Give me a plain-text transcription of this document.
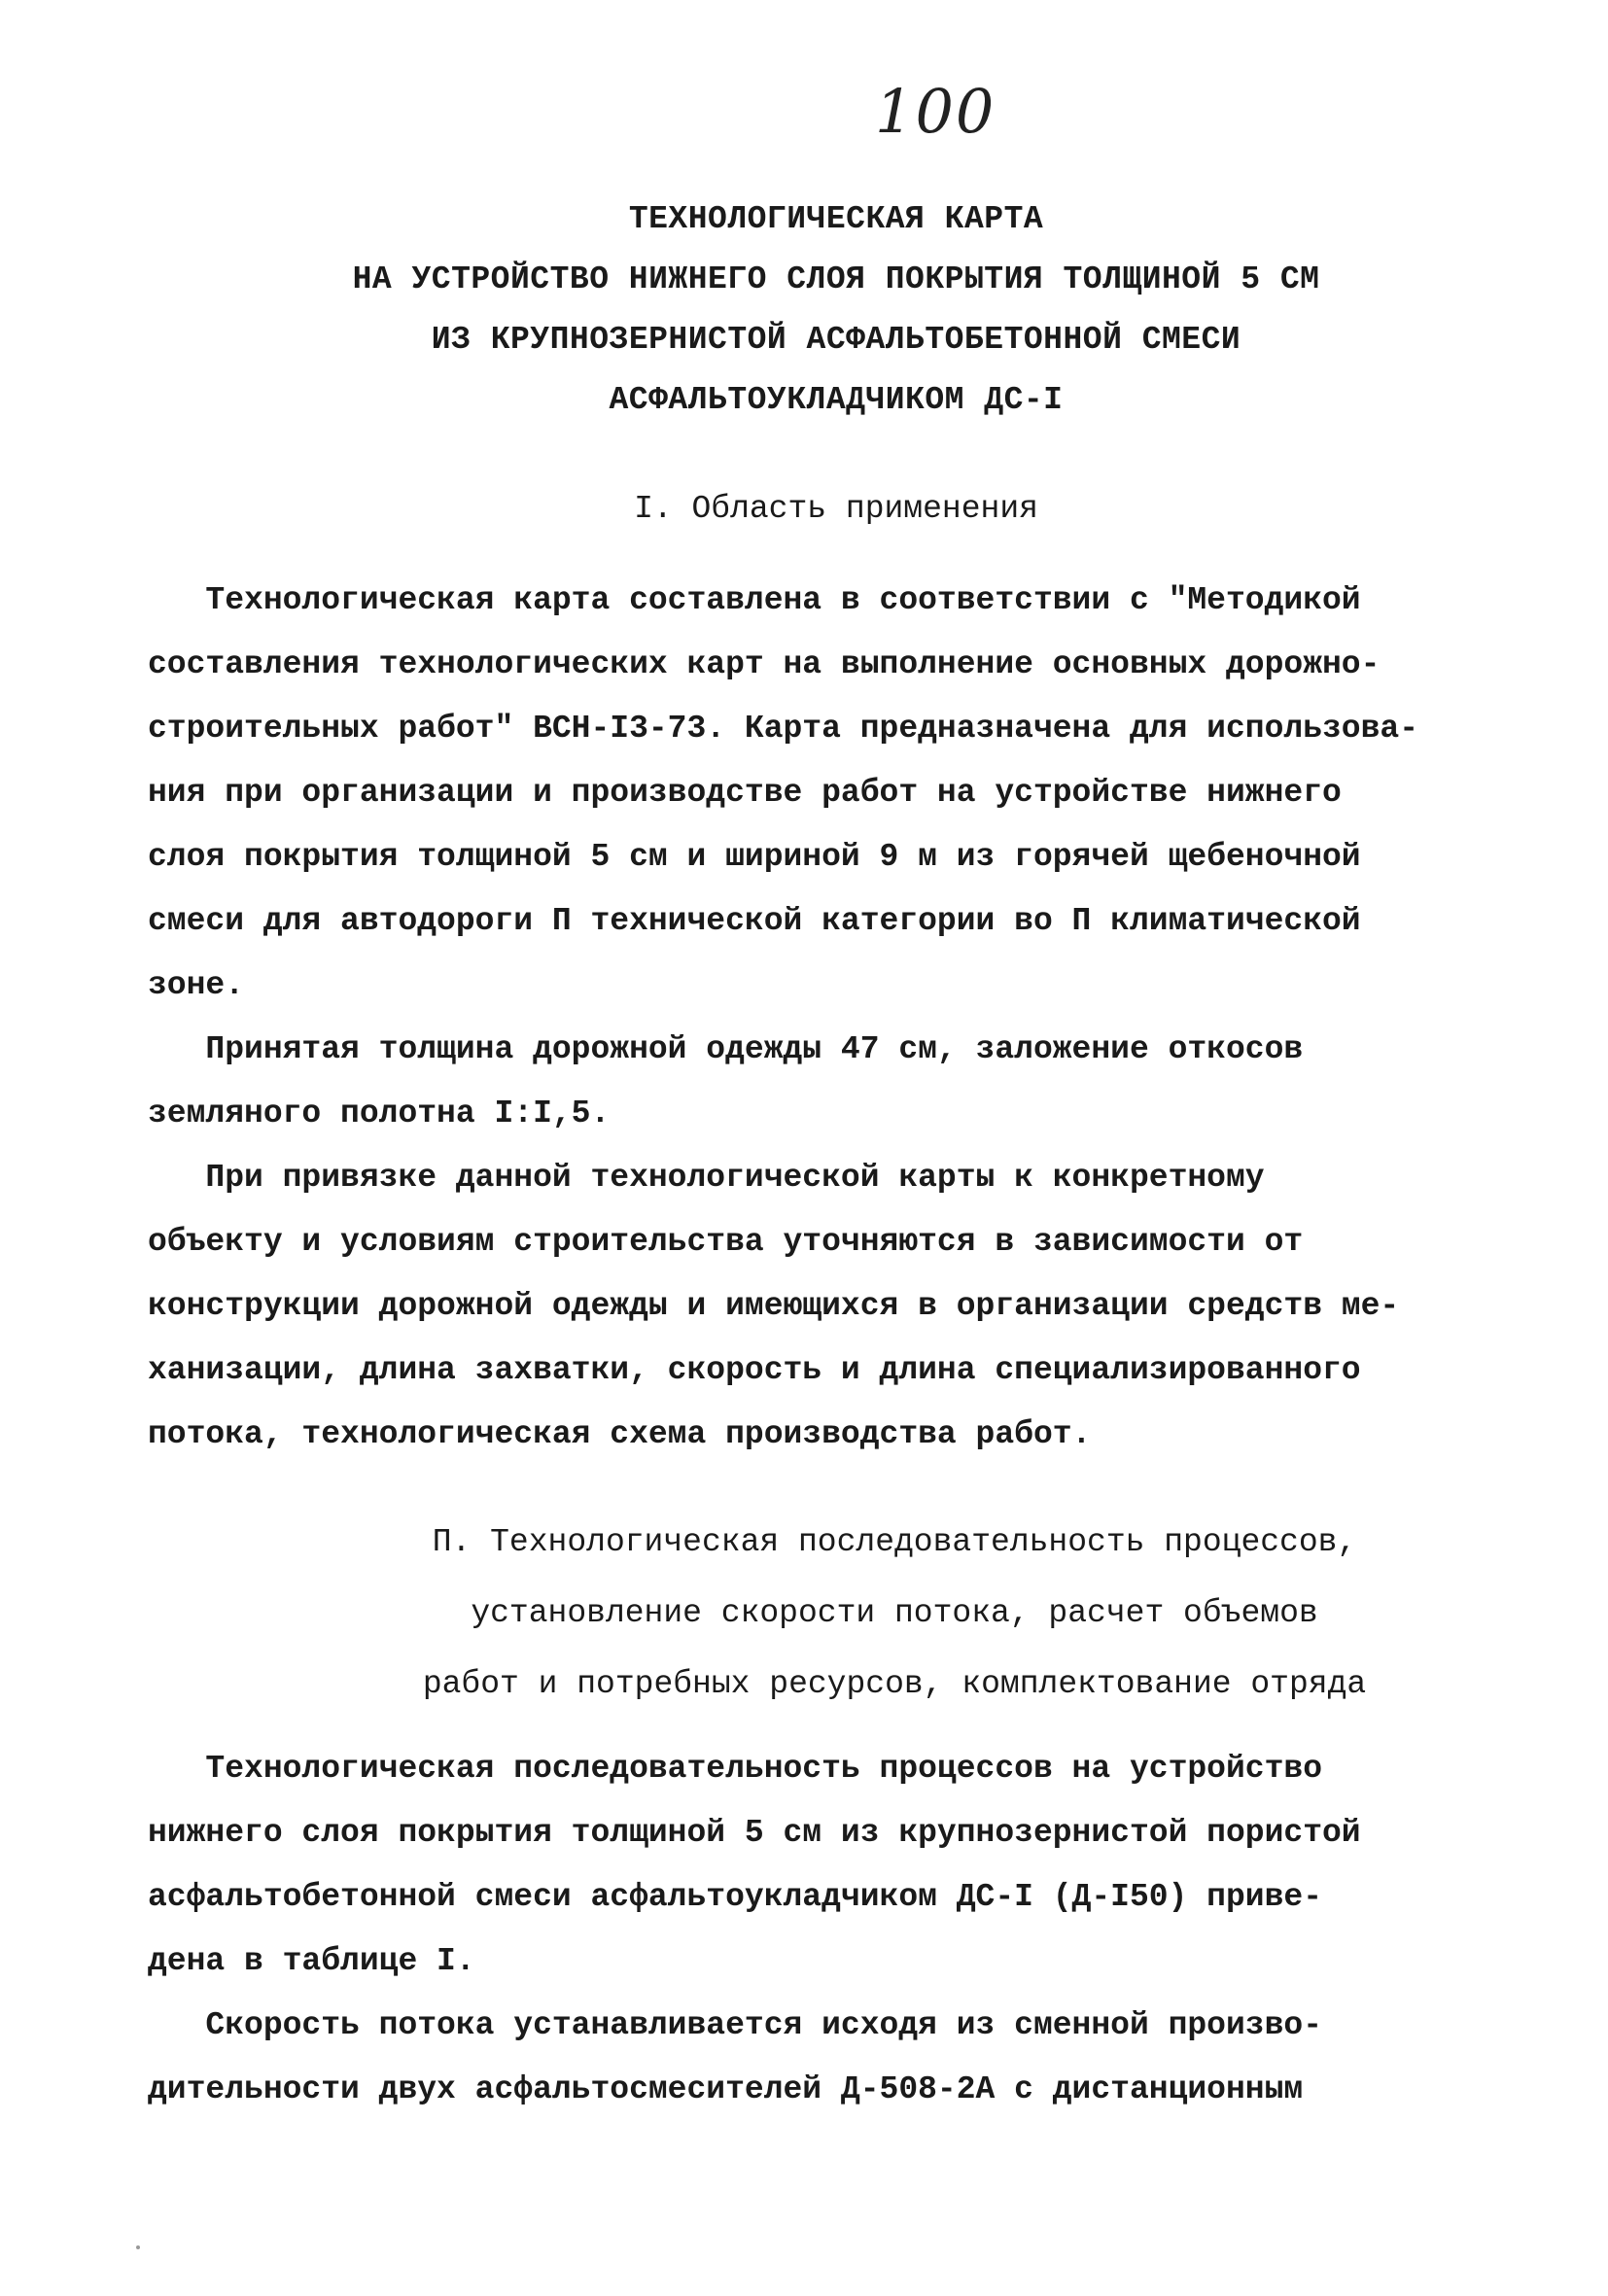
100
ТЕХНОЛОГИЧЕСКАЯ КАРТА
НА УСТРОЙСТВО НИЖНЕГО СЛОЯ ПОКРЫТИЯ ТОЛЩИНОЙ 5 СМ
ИЗ КРУПНОЗЕРНИСТОЙ АСФАЛЬТОБЕТОННОЙ СМЕСИ
АСФАЛЬТОУКЛАДЧИКОМ ДС-I
I. Область применения

Технологическая карта составлена в соответствии с "Методикой
составления технологических карт на выполнение основных дорожно-
строительных работ" ВСН-I3-73. Карта предназначена для использова-
ния при организации и производстве работ на устройстве нижнего
слоя покрытия толщиной 5 см и шириной 9 м из горячей щебеночной
смеси для автодороги П технической категории во П климатической
зоне.

Принятая толщина дорожной одежды 47 см, заложение откосов
земляного полотна I:I,5.

При привязке данной технологической карты к конкретному
объекту и условиям строительства уточняются в зависимости от
конструкции дорожной одежды и имеющихся в организации средств ме-
ханизации, длина захватки, скорость и длина специализированного
потока, технологическая схема производства работ.

П. Технологическая последовательность процессов,
установление скорости потока, расчет объемов
работ и потребных ресурсов, комплектование отряда

Технологическая последовательность процессов на устройство
нижнего слоя покрытия толщиной 5 см из крупнозернистой пористой
асфальтобетонной смеси асфальтоукладчиком ДС-I (Д-I50) приве-
дена в таблице I.

Скорость потока устанавливается исходя из сменной произво-
дительности двух асфальтосмесителей Д-508-2А с дистанционным
